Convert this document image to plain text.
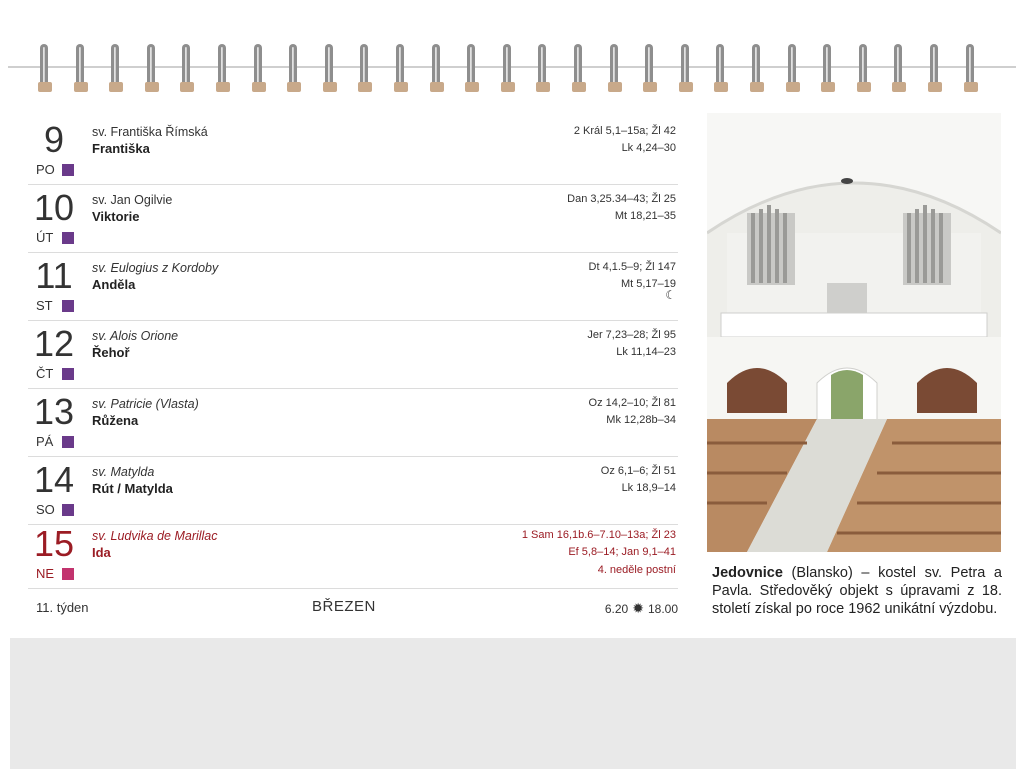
9
PO
sv. Františka Římská
Františka
2 Král 5,1–15a; Žl 42
Lk 4,24–30
10
ÚT
sv. Jan Ogilvie
Viktorie
Dan 3,25.34–43; Žl 25
Mt 18,21–35
11
ST
sv. Eulogius z Kordoby
Anděla
Dt 4,1.5–9; Žl 147
Mt 5,17–19
☾
12
ČT
sv. Alois Orione
Řehoř
Jer 7,23–28; Žl 95
Lk 11,14–23
13
PÁ
sv. Patricie (Vlasta)
Růžena
Oz 14,2–10; Žl 81
Mk 12,28b–34
14
SO
sv. Matylda
Rút / Matylda
Oz 6,1–6; Žl 51
Lk 18,9–14
15
NE
sv. Ludvika de Marillac
Ida
1 Sam 16,1b.6–7.10–13a; Žl 23
Ef 5,8–14; Jan 9,1–41
4. neděle postní
11. týden	BŘEZEN	6.20 ✹ 18.00
Jedovnice (Blansko) – kostel sv. Petra a Pavla. Středověký objekt s úpravami z 18. století získal po roce 1962 unikátní výzdobu.
